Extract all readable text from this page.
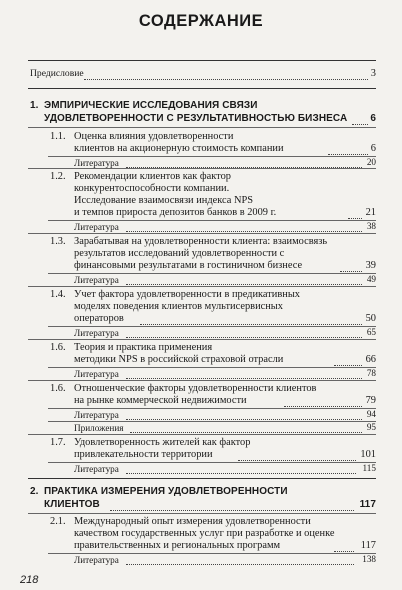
СОДЕРЖАНИЕ
Предисловие	3
1. ЭМПИРИЧЕСКИЕ ИССЛЕДОВАНИЯ СВЯЗИ
УДОВЛЕТВОРЕННОСТИ С РЕЗУЛЬТАТИВНОСТЬЮ БИЗНЕСА	6
1.1. Оценка влияния удовлетворенности
клиентов на акционерную стоимость компании	6
Литература	20
1.2. Рекомендации клиентов как фактор
конкурентоспособности компании.
Исследование взаимосвязи индекса NPS
и темпов прироста депозитов банков в 2009 г.	21
Литература	38
1.3. Зарабатывая на удовлетворенности клиента: взаимосвязь
результатов исследований удовлетворенности с
финансовыми результатами в гостиничном бизнесе	39
Литература	49
1.4. Учет фактора удовлетворенности в предикативных
моделях поведения клиентов мультисервисных
операторов	50
Литература	65
1.6. Теория и практика применения
методики NPS в российской страховой отрасли	66
Литература	78
1.6. Отношенческие факторы удовлетворенности клиентов
на рынке коммерческой недвижимости	79
Литература	94
Приложения	95
1.7. Удовлетворенность жителей как фактор
привлекательности территории	101
Литература	115
2. ПРАКТИКА ИЗМЕРЕНИЯ УДОВЛЕТВОРЕННОСТИ
КЛИЕНТОВ	117
2.1. Международный опыт измерения удовлетворенности
качеством государственных услуг при разработке и оценке
правительственных и региональных программ	117
Литература	138
218
